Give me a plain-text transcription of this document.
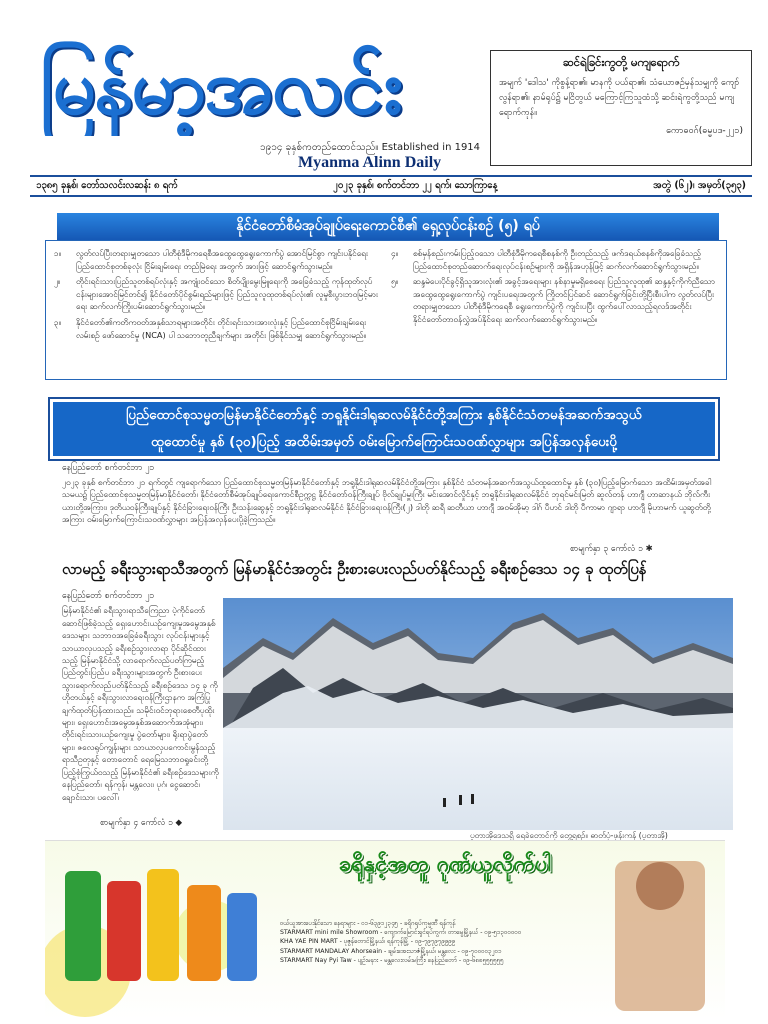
မြန်မာ့အလင်း
၁၉၁၄ ခုနှစ်ကတည်ထောင်သည်။ Established in 1914
Myanma Alinn Daily
ဆင်ရဲခြင်းကွတို့ မကျရောက်
အမျက် 'ဒေါသ' ကိုစွန့်ရာ၏၊ မာနကို ပယ်ရာ၏၊ သံယောဇဉ်မှန်သမျှကို ကျော်လွန်ရာ၏၊ နာမ်ရုပ်၌ မငြိတွယ် မကြောင့်ကြသူထံသို့ ဆင်းရဲကွတို့သည် မကျရောက်ကုန်။
ကောဓဝဂ်(ဓမ္မပဒ-၂၂၁)
၁၃၈၅ ခုနှစ်၊ တော်သလင်းလဆန်း ၈ ရက်	၂၀၂၃ ခုနှစ်၊ စက်တင်ဘာ ၂၂ ရက်၊ သောကြာနေ့	အတွဲ (၆၂)၊ အမှတ်(၃၅၃)
နိုင်ငံတော်စီမံအုပ်ချုပ်ရေးကောင်စီ၏ ရှေ့လုပ်ငန်းစဉ် (၅) ရပ်
၁။	လွတ်လပ်ပြီးတရားမျှတသော ပါတီစုံဒီမိုကရေစီအထွေထွေရွေးကောက်ပွဲ အောင်မြင်စွာ ကျင်းပနိုင်ရေး ပြည်ထောင်စုတစ်ခုလုံး ငြိမ်းချမ်းရေး တည်မြဲရေး အတွက် အားဖြင့် ဆောင်ရွက်သွားမည်။
၂။	တိုင်းရင်းသားပြည်သူတစ်ရပ်လုံးနှင့် အကျုံးဝင်သော စိတ်ပျိုးမွေးမြူရေးကို အခြေခံသည့် ကုန်ထုတ်လုပ်ငန်းများအောင်မြင်တင်၍ နိုင်ငံတော်ပိုင်စွမ်းရည်များဖြင့် ပြည်သူလူထုတစ်ရပ်လုံး၏ လူမှုစီးပွားဘဝမြင့်မားရေး ဆက်လက်ကြိုးပမ်းဆောင်ရွက်သွားမည်။
၃။	နိုင်ငံတော်၏ကတိကဝတ်အနှစ်သာရများအတိုင်း တိုင်းရင်းသားအားလုံးနှင့် ပြည်ထောင်စုငြိမ်းချမ်းရေးလမ်းစဉ် ဖော်ဆောင်မှု (NCA) ပါ သဘောတူညီချက်များ အတိုင်း ဖြစ်နိုင်သမျှ ဆောင်ရွက်သွားမည်။
၄။	စစ်မှန်စည်းကမ်းပြည့်ဝသော ပါတီစုံဒီမိုကရေစီစနစ်ကို ဦးတည်သည့် ဖက်ဒရယ်စနစ်ကိုအခြေခံသည့် ပြည်ထောင်စုတည်ဆောက်ရေးလုပ်ငန်းစဉ်များကို အရှိန်အဟုန်ဖြင့် ဆက်လက်ဆောင်ရွက်သွားမည်။
၅။	ဆန္ဒမဲပေးပိုင်ခွင့်ရှိသူအားလုံး၏ အခွင့်အရေးများ နစ်နာမှုမရှိစေရေး ပြည်သူလူထု၏ ဆန္ဒနှင့်ကိုက်ညီသော အထွေထွေရွေးကောက်ပွဲ ကျင်းပရေးအတွက် ကြိုတင်ပြင်ဆင် ဆောင်ရွက်ခြင်းတို့ပြီးစီးပါက လွတ်လပ်ပြီး တရားမျှတသော ပါတီစုံဒီမိုကရေစီ ရွေးကောက်ပွဲကို ကျင်းပပြီး ထွက်ပေါ်လာသည့်ရလဒ်အတိုင်း နိုင်ငံတော်တာဝန်လွှဲအပ်နိုင်ရေး ဆက်လက်ဆောင်ရွက်သွားမည်။
ပြည်ထောင်စုသမ္မတမြန်မာနိုင်ငံတော်နှင့် ဘရူနိုင်းဒါရုဆလမ်နိုင်ငံတို့အကြား နှစ်နိုင်ငံသံတမန်အဆက်အသွယ်
ထူထောင်မှု နှစ် (၃၀)ပြည့် အထိမ်းအမှတ် ဝမ်းမြောက်ကြောင်းသဝဏ်လွှာများ အပြန်အလှန်ပေးပို့
နေပြည်တော် စက်တင်ဘာ ၂၁
၂၀၂၃ ခုနှစ် စက်တင်ဘာ ၂၁ ရက်တွင် ကျရောက်သော ပြည်ထောင်စုသမ္မတမြန်မာနိုင်ငံတော်နှင့် ဘရူနိုင်းဒါရုဆလမ်နိုင်ငံတို့အကြား နှစ်နိုင်ငံ သံတမန်အဆက်အသွယ်ထူထောင်မှု နှစ် (၃၀)ပြည့်မြောက်သော အထိမ်းအမှတ်အခါသမယ၌ ပြည်ထောင်စုသမ္မတမြန်မာနိုင်ငံတော်၊ နိုင်ငံတော်စီမံအုပ်ချုပ်ရေးကောင်စီဥက္ကဋ္ဌ နိုင်ငံတော်ဝန်ကြီးချုပ် ဗိုလ်ချုပ်မှူးကြီး မင်းအောင်လှိုင်နှင့် ဘရူနိုင်းဒါရုဆလမ်နိုင်ငံ ဘုရင်မင်းမြတ် ဆူလ်တန် ဟာဂျီ ဟာဆာနယ် ဘိုလ်ကီးယားတို့အကြား၊ ဒုတိယဝန်ကြီးချုပ်နှင့် နိုင်ငံခြားရေးဝန်ကြီး ဦးသန်းဆွေနှင့် ဘရူနိုင်းဒါရုဆလမ်နိုင်ငံ နိုင်ငံခြားရေးဝန်ကြီး(၂) ဒါတို ဆရီ ဆတီယာ ဟာဂျီ အဝမ်အိုမာ့ ဒါဂ် ပီဟင် ဒါတို ပီကာမာ ဂျာရာ ဟာဂျီ မိုဟာမက် ယူဆွတ်တို့အကြား ဝမ်းမြောက်ကြောင်းသဝဏ်လွှာများ အပြန်အလှန်ပေးပို့ခဲ့ကြသည်။
စာမျက်နှာ ၃ ကော်လံ ၁ ✱
လာမည့် ခရီးသွားရာသီအတွက် မြန်မာနိုင်ငံအတွင်း ဦးစားပေးလည်ပတ်နိုင်သည့် ခရီးစဉ်ဒေသ ၁၄ ခု ထုတ်ပြန်
နေပြည်တော် စက်တင်ဘာ ၂၁
မြန်မာနိုင်ငံ၏ ခရီးသွားရာသီကြေညာ ပဲ့ကိုင်တော်ဆောင်ဖြစ်ခဲ့သည့် ရှေးဟောင်းယဉ်ကျေးမှုအမွေအနှစ်ဒေသများ သဘာဝအခြေခံခရီးသွား လုပ်ငန်းများနှင့် သာယာလှပသည့် ခရီးစဉ်သွားလာရာ ပိုင်ဆိုင်ထားသည့် မြန်မာနိုင်ငံသို့ လာရောက်လည်ပတ်ကြမည့် ပြည်တွင်းပြည်ပ ခရီးသွားများအတွက် ဦးစားပေးသွားရောက်လည်ပတ်နိုင်သည့် ခရီးစဉ်ဒေသ ၁၄ ခု ကို ဟိုတယ်နှင့် ခရီးသွားလာရေးဝန်ကြီးဌာနက အကြံပြုချက်ထုတ်ပြန်ထားသည်။ သမိုင်းဝင်ဘုရားစေတီပုထိုးများ၊ ရှေးဟောင်းအမွေအနှစ်အဆောက်အအုံများ၊ တိုင်းရင်းသားယဉ်ကျေးမှု ပွဲတော်များ၊ ရိုးရာပွဲတော်များ၊ ဇလေရုပ်ကျွန်းများ သာယာလှပကောင်းမွန်သည့် ရာသီဥတုနှင့် တောတောင် ရေမြေသဘာဝရှုခင်းတို့ ပြည့်စုံကြွယ်ဝသည့် မြန်မာနိုင်ငံ၏ ခရီးစဉ်ဒေသများကို နေပြည်တော်၊ ရန်ကုန်၊ မန္တလေး၊ ပုဂံ၊ ငွေဆောင်၊ ချောင်းသာ၊ ပလေါ်၊
စာမျက်နှာ ၄ ကော်လံ ၁ ◆
ပူတာအိုဒေသရှိ ရေခဲတောင်ကို တွေ့ရစဉ်။ ဓာတ်ပုံ-ဖုန်းကန် (ပူတာအို)
ခရိုနှင့်အတူ ဂုဏ်ယူလိုက်ပါ
ဝယ်ယူအားပေးနိုင်သော နေရာများ - ၀၁-၆၃၉၁၂၃၄၅ - ခရိုဂရုပ်ကုမ္ပဏီ ရန်ကုန်
STARMART mini mile Showroom - ကျောက်မြောင်းရှင်ရပ်ကွက်၊ တာမွေမြို့နယ် - ၀၉-၅၁၃၀၀၀၀၀
KHA YAE PIN MART - ပုဇွန်တောင်မြို့နယ်၊ ရန်ကုန်မြို့ - ၀၉-၇၉၇၉၇၉၉၉၉
STARMART MANDALAY Ahorseain - ချမ်းအေးသာဇံမြို့နယ်၊ မန္တလေး - ၀၉-၇၀၀၀၀၃၂၀၁
STARMART Nay Pyi Taw - ပျဉ်းမနား - မန္တလေးလမ်းမကြီး၊ နေပြည်တော် - ၀၉-၆၈၈၅၅၅၅၅၅
